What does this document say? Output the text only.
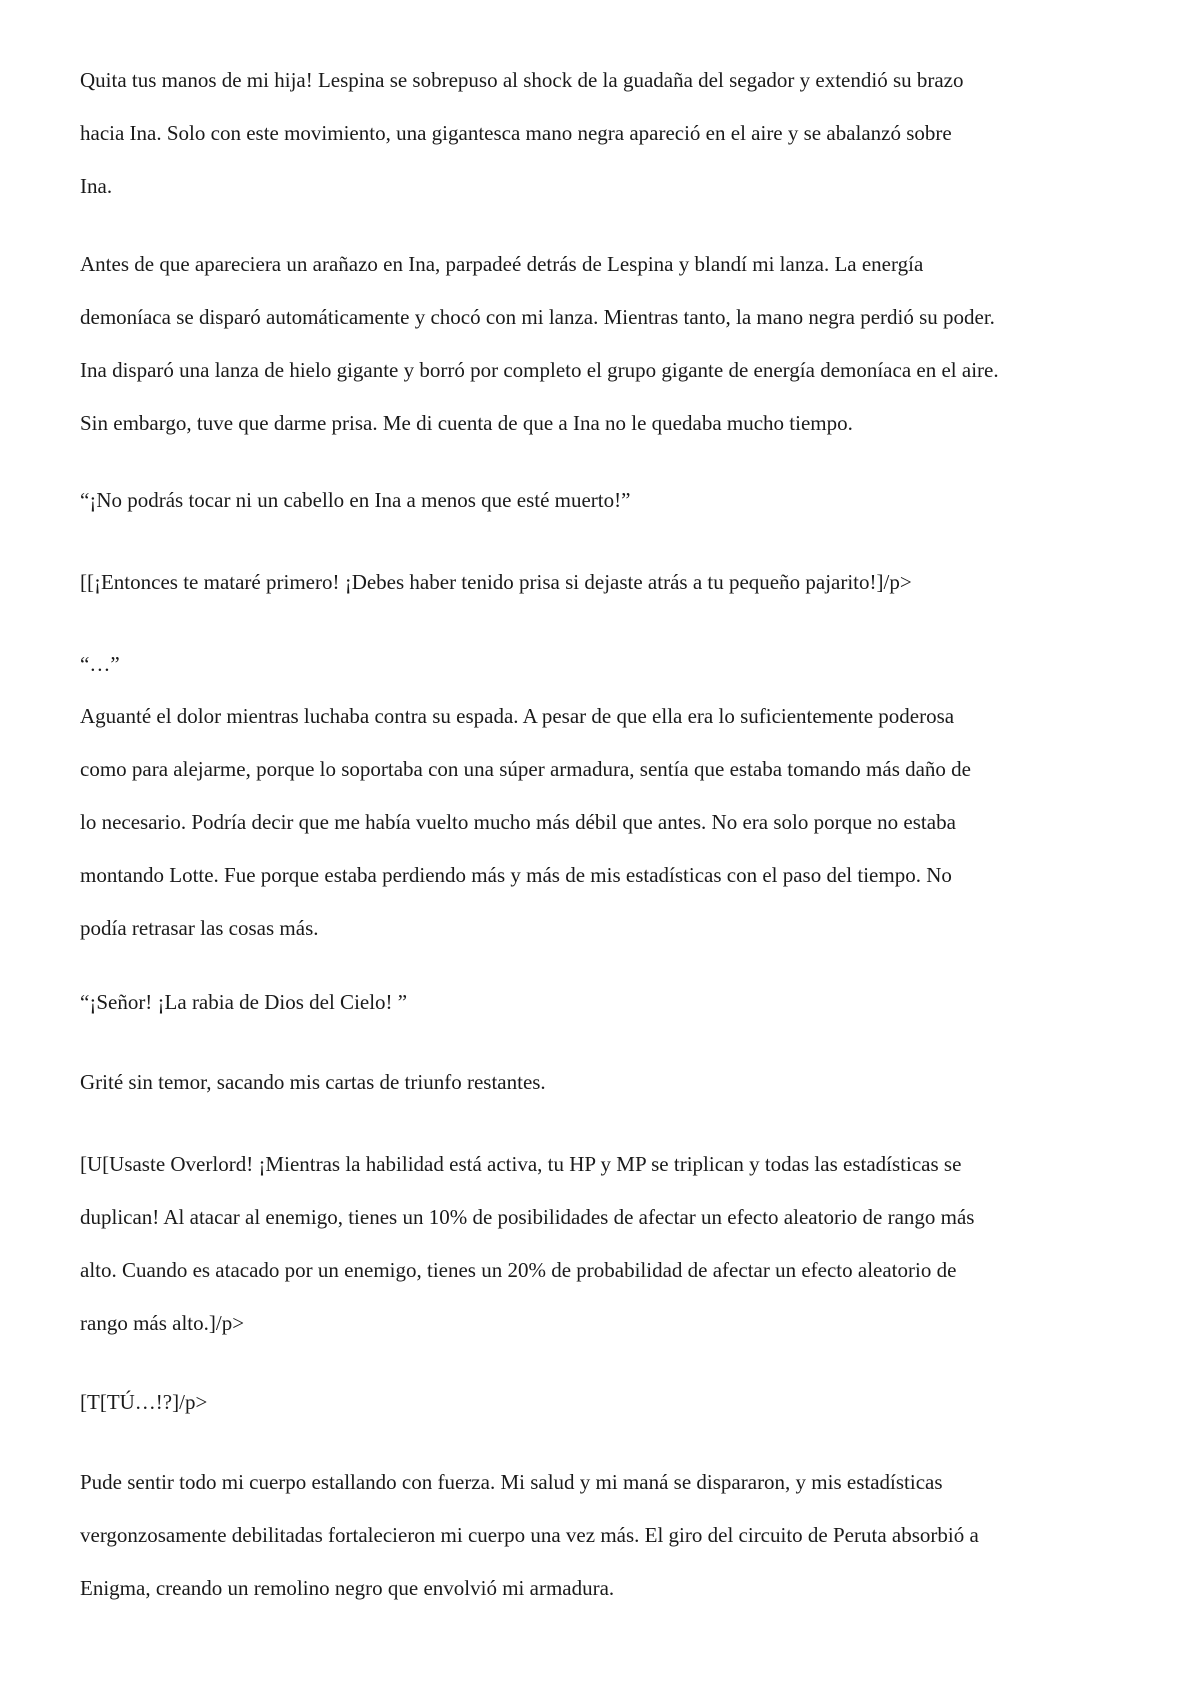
Quita tus manos de mi hija! Lespina se sobrepuso al shock de la guadaña del segador y extendió su brazo
hacia Ina. Solo con este movimiento, una gigantesca mano negra apareció en el aire y se abalanzó sobre
Ina.

Antes de que apareciera un arañazo en Ina, parpadeé detrás de Lespina y blandí mi lanza. La energía
demoníaca se disparó automáticamente y chocó con mi lanza. Mientras tanto, la mano negra perdió su poder.
Ina disparó una lanza de hielo gigante y borró por completo el grupo gigante de energía demoníaca en el aire.
Sin embargo, tuve que darme prisa. Me di cuenta de que a Ina no le quedaba mucho tiempo.

“¡No podrás tocar ni un cabello en Ina a menos que esté muerto!”

[[¡Entonces te mataré primero! ¡Debes haber tenido prisa si dejaste atrás a tu pequeño pajarito!]/p>

“…”

Aguanté el dolor mientras luchaba contra su espada. A pesar de que ella era lo suficientemente poderosa
como para alejarme, porque lo soportaba con una súper armadura, sentía que estaba tomando más daño de
lo necesario. Podría decir que me había vuelto mucho más débil que antes. No era solo porque no estaba
montando Lotte. Fue porque estaba perdiendo más y más de mis estadísticas con el paso del tiempo. No
podía retrasar las cosas más.

“¡Señor! ¡La rabia de Dios del Cielo! ”

Grité sin temor, sacando mis cartas de triunfo restantes.

[U[Usaste Overlord! ¡Mientras la habilidad está activa, tu HP y MP se triplican y todas las estadísticas se
duplican! Al atacar al enemigo, tienes un 10% de posibilidades de afectar un efecto aleatorio de rango más
alto. Cuando es atacado por un enemigo, tienes un 20% de probabilidad de afectar un efecto aleatorio de
rango más alto.]/p>

[T[TÚ…!?]/p>

Pude sentir todo mi cuerpo estallando con fuerza. Mi salud y mi maná se dispararon, y mis estadísticas
vergonzosamente debilitadas fortalecieron mi cuerpo una vez más. El giro del circuito de Peruta absorbió a
Enigma, creando un remolino negro que envolvió mi armadura.
